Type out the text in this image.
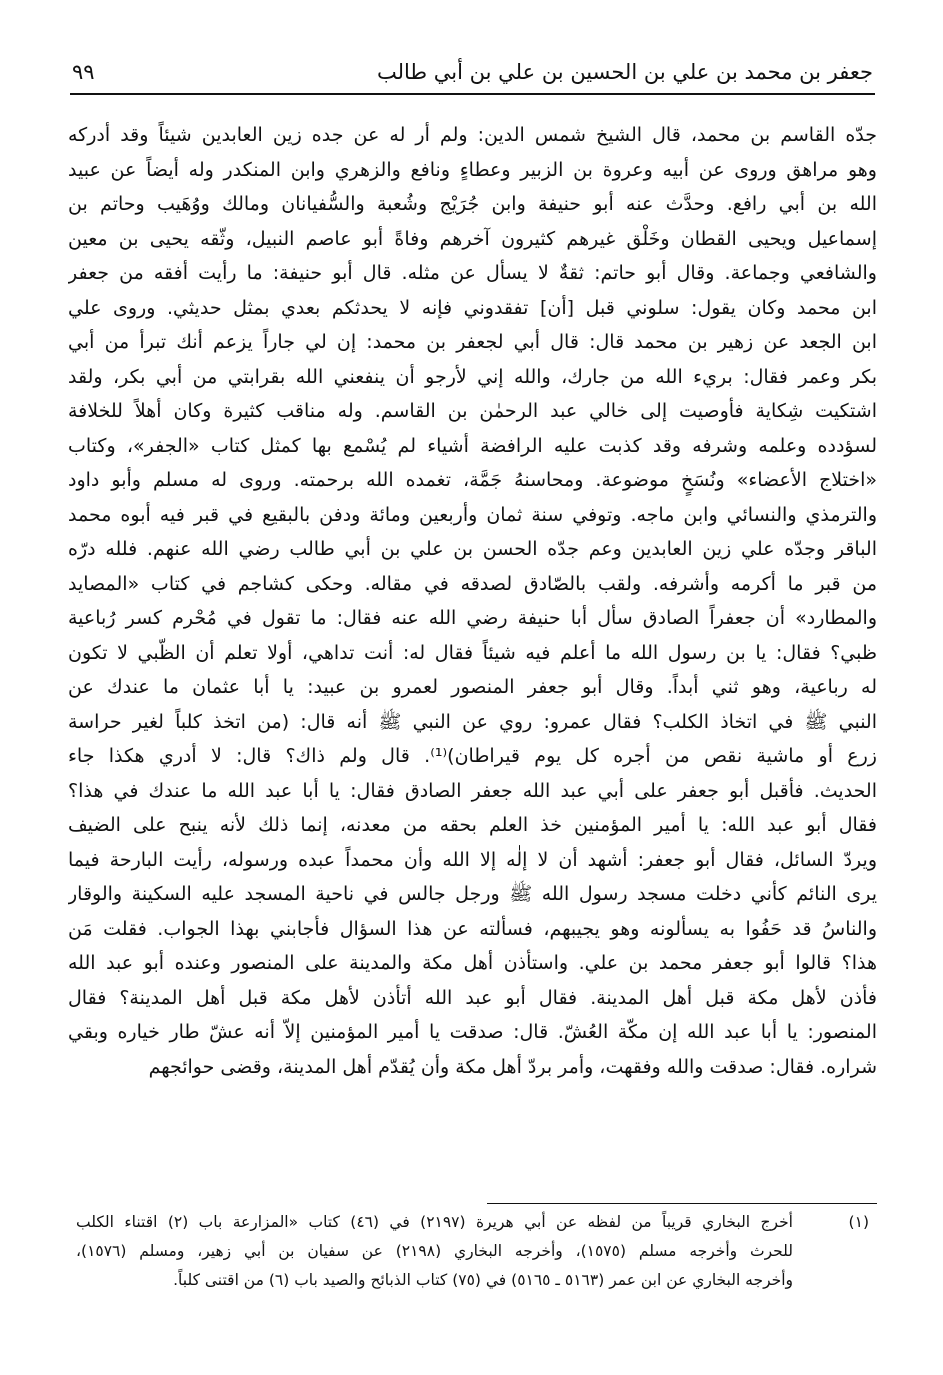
جعفر بن محمد بن علي بن الحسين بن علي بن أبي طالب
٩٩
جدّه القاسم بن محمد، قال الشيخ شمس الدين: ولم أر له عن جده زين العابدين شيئاً وقد أدركه
وهو مراهق وروى عن أبيه وعروة بن الزبير وعطاءٍ ونافع والزهري وابن المنكدر وله أيضاً عن عبيد
الله بن أبي رافع. وحدَّث عنه أبو حنيفة وابن جُرَيْج وشُعبة والسُّفيانان ومالك ووُهَيب وحاتم بن
إسماعيل ويحيى القطان وخَلْق غيرهم كثيرون آخرهم وفاةً أبو عاصم النبيل، وثّقه يحيى بن معين
والشافعي وجماعة. وقال أبو حاتم: ثقةٌ لا يسأل عن مثله. قال أبو حنيفة: ما رأيت أفقه من جعفر
ابن محمد وكان يقول: سلوني قبل [أن] تفقدوني فإنه لا يحدثكم بعدي بمثل حديثي. وروى علي
ابن الجعد عن زهير بن محمد قال: قال أبي لجعفر بن محمد: إن لي جاراً يزعم أنك تبرأ من أبي
بكر وعمر فقال: بريء الله من جارك، والله إني لأرجو أن ينفعني الله بقرابتي من أبي بكر، ولقد
اشتكيت شِكاية فأوصيت إلى خالي عبد الرحمٰن بن القاسم. وله مناقب كثيرة وكان أهلاً للخلافة
لسؤدده وعلمه وشرفه وقد كذبت عليه الرافضة أشياء لم يُسْمع بها كمثل كتاب «الجفر»، وكتاب
«اختلاج الأعضاء» ونُسَخٍ موضوعة. ومحاسنهُ جَمَّة، تغمده الله برحمته. وروى له مسلم وأبو داود
والترمذي والنسائي وابن ماجه. وتوفي سنة ثمان وأربعين ومائة ودفن بالبقيع في قبر فيه أبوه محمد
الباقر وجدّه علي زين العابدين وعم جدّه الحسن بن علي بن أبي طالب رضي الله عنهم. فلله درّه
من قبر ما أكرمه وأشرفه. ولقب بالصّادق لصدقه في مقاله. وحكى كشاجم في كتاب «المصايد
والمطارد» أن جعفراً الصادق سأل أبا حنيفة رضي الله عنه فقال: ما تقول في مُحْرم كسر رُباعية
ظبي؟ فقال: يا بن رسول الله ما أعلم فيه شيئاً فقال له: أنت تداهي، أولا تعلم أن الظّبي لا تكون
له رباعية، وهو ثني أبداً. وقال أبو جعفر المنصور لعمرو بن عبيد: يا أبا عثمان ما عندك عن
النبي ﷺ في اتخاذ الكلب؟ فقال عمرو: روي عن النبي ﷺ أنه قال: (من اتخذ كلباً لغير حراسة
زرع أو ماشية نقص من أجره كل يوم قيراطان)⁽¹⁾. قال ولم ذاك؟ قال: لا أدري هكذا جاء
الحديث. فأقبل أبو جعفر على أبي عبد الله جعفر الصادق فقال: يا أبا عبد الله ما عندك في هذا؟
فقال أبو عبد الله: يا أمير المؤمنين خذ العلم بحقه من معدنه، إنما ذلك لأنه ينبح على الضيف
ويردّ السائل، فقال أبو جعفر: أشهد أن لا إلٰه إلا الله وأن محمداً عبده ورسوله، رأيت البارحة فيما
يرى النائم كأني دخلت مسجد رسول الله ﷺ ورجل جالس في ناحية المسجد عليه السكينة والوقار
والناسُ قد حَفُوا به يسألونه وهو يجيبهم، فسألته عن هذا السؤال فأجابني بهذا الجواب. فقلت مَن
هذا؟ قالوا أبو جعفر محمد بن علي. واستأذن أهل مكة والمدينة على المنصور وعنده أبو عبد الله
فأذن لأهل مكة قبل أهل المدينة. فقال أبو عبد الله أتأذن لأهل مكة قبل أهل المدينة؟ فقال
المنصور: يا أبا عبد الله إن مكّة العُشّ. قال: صدقت يا أمير المؤمنين إلاّ أنه عشّ طار خياره وبقي
شراره. فقال: صدقت والله وفقهت، وأمر بردّ أهل مكة وأن يُقدّم أهل المدينة، وقضى حوائجهم
(١)
أخرج البخاري قريباً من لفظه عن أبي هريرة (٢١٩٧) في (٤٦) كتاب «المزارعة باب (٢) اقتناء الكلب
للحرث وأخرجه مسلم (١٥٧٥)، وأخرجه البخاري (٢١٩٨) عن سفيان بن أبي زهير، ومسلم (١٥٧٦)،
وأخرجه البخاري عن ابن عمر (٥١٦٣ ـ ٥١٦٥) في (٧٥) كتاب الذبائح والصيد باب (٦) من اقتنى كلباً.
